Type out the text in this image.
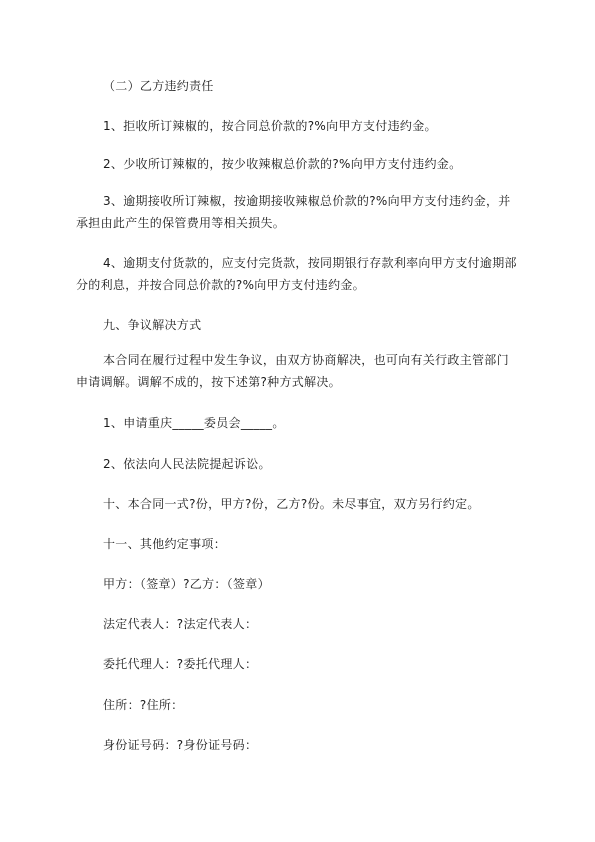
（二）乙方违约责任
1、拒收所订辣椒的，按合同总价款的?%向甲方支付违约金。
2、少收所订辣椒的，按少收辣椒总价款的?%向甲方支付违约金。
3、逾期接收所订辣椒，按逾期接收辣椒总价款的?%向甲方支付违约金，并承担由此产生的保管费用等相关损失。
4、逾期支付货款的，应支付完货款，按同期银行存款利率向甲方支付逾期部分的利息，并按合同总价款的?%向甲方支付违约金。
九、争议解决方式
本合同在履行过程中发生争议，由双方协商解决，也可向有关行政主管部门申请调解。调解不成的，按下述第?种方式解决。
1、申请重庆_____委员会_____。
2、依法向人民法院提起诉讼。
十、本合同一式?份，甲方?份，乙方?份。未尽事宜，双方另行约定。
十一、其他约定事项：
甲方：（签章）?乙方：（签章）
法定代表人：?法定代表人：
委托代理人：?委托代理人：
住所：?住所：
身份证号码：?身份证号码：
